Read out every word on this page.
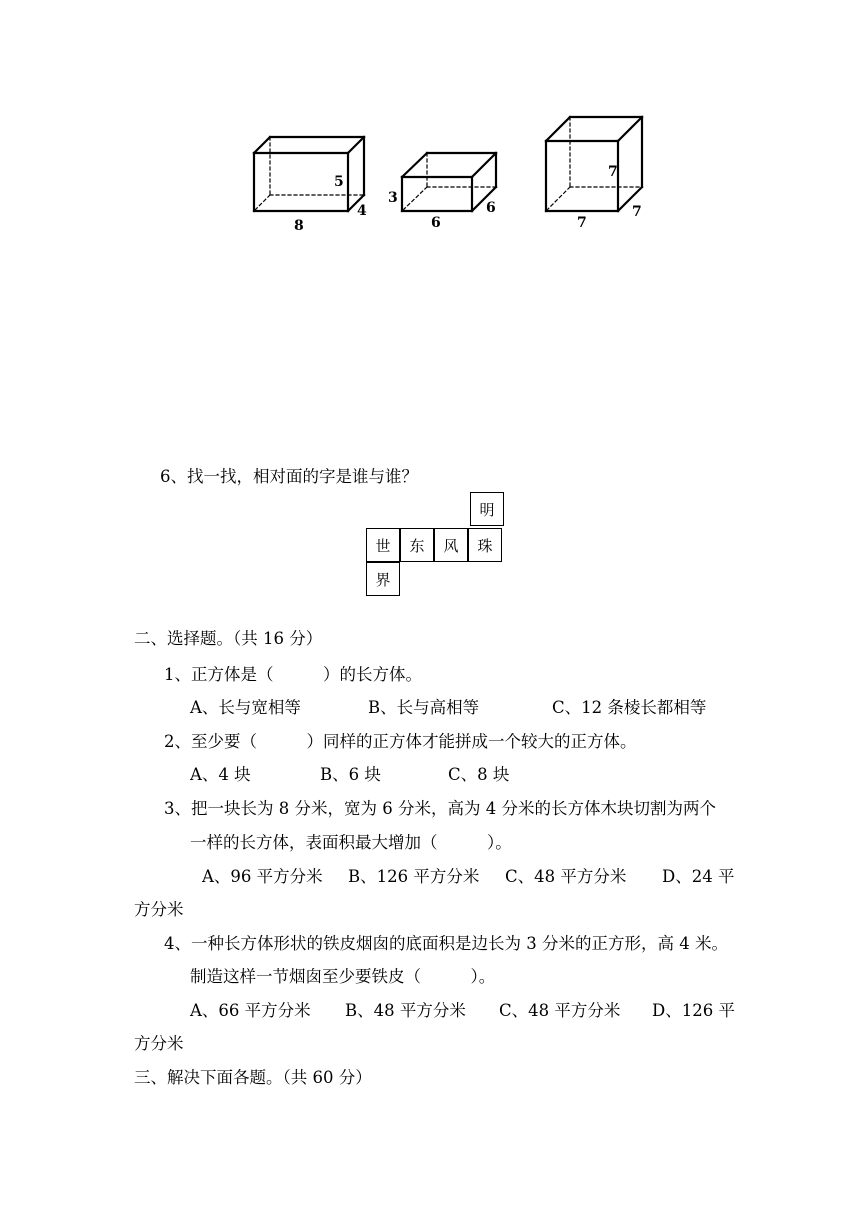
5
4
8
3
6
6
7
7
7
6、找一找，相对面的字是谁与谁？
明
世	东	风	珠
界
二、选择题。（共 16 分）
1、正方体是（　　　）的长方体。
A、长与宽相等	B、长与高相等	C、12 条棱长都相等
2、至少要（　　　）同样的正方体才能拼成一个较大的正方体。
A、4 块	B、6 块	C、8 块
3、把一块长为 8 分米，宽为 6 分米，高为 4 分米的长方体木块切割为两个
一样的长方体，表面积最大增加（　　　）。
A、96 平方分米 B、126 平方分米 C、48 平方分米 D、24 平
方分米
4、一种长方体形状的铁皮烟囱的底面积是边长为 3 分米的正方形，高 4 米。
制造这样一节烟囱至少要铁皮（　　　）。
A、66 平方分米 B、48 平方分米 C、48 平方分米 D、126 平
方分米
三、解决下面各题。（共 60 分）
